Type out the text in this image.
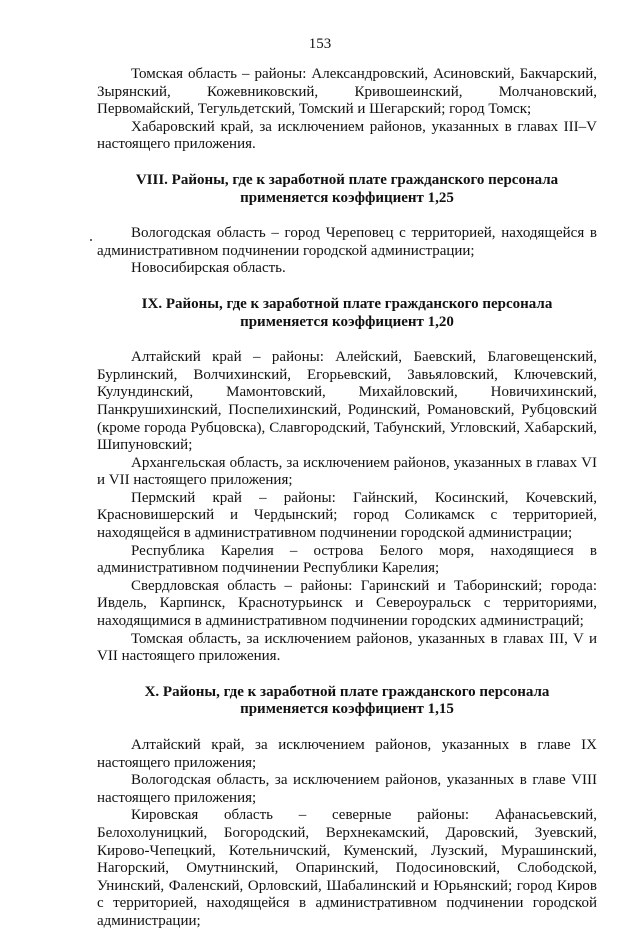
153

Томская область – районы: Александровский, Асиновский, Бакчарский, Зырянский, Кожевниковский, Кривошеинский, Молчановский, Первомайский, Тегульдетский, Томский и Шегарский; город Томск;

Хабаровский край, за исключением районов, указанных в главах III–V настоящего приложения.

VIII. Районы, где к заработной плате гражданского персонала
применяется коэффициент 1,25

Вологодская область – город Череповец с территорией, находящейся в административном подчинении городской администрации;

Новосибирская область.

IX. Районы, где к заработной плате гражданского персонала
применяется коэффициент 1,20

Алтайский край – районы: Алейский, Баевский, Благовещенский, Бурлинский, Волчихинский, Егорьевский, Завьяловский, Ключевский, Кулундинский, Мамонтовский, Михайловский, Новичихинский, Панкрушихинский, Поспелихинский, Родинский, Романовский, Рубцовский (кроме города Рубцовска), Славгородский, Табунский, Угловский, Хабарский, Шипуновский;

Архангельская область, за исключением районов, указанных в главах VI и VII настоящего приложения;

Пермский край – районы: Гайнский, Косинский, Кочевский, Красновишерский и Чердынский; город Соликамск с территорией, находящейся в административном подчинении городской администрации;

Республика Карелия – острова Белого моря, находящиеся в административном подчинении Республики Карелия;

Свердловская область – районы: Гаринский и Таборинский; города: Ивдель, Карпинск, Краснотурьинск и Североуральск с территориями, находящимися в административном подчинении городских администраций;

Томская область, за исключением районов, указанных в главах III, V и VII настоящего приложения.

X. Районы, где к заработной плате гражданского персонала
применяется коэффициент 1,15

Алтайский край, за исключением районов, указанных в главе IX настоящего приложения;

Вологодская область, за исключением районов, указанных в главе VIII настоящего приложения;

Кировская область – северные районы: Афанасьевский, Белохолуницкий, Богородский, Верхнекамский, Даровский, Зуевский, Кирово-Чепецкий, Котельничский, Куменский, Лузский, Мурашинский, Нагорский, Омутнинский, Опаринский, Подосиновский, Слободской, Унинский, Фаленский, Орловский, Шабалинский и Юрьянский; город Киров с территорией, находящейся в административном подчинении городской администрации;
